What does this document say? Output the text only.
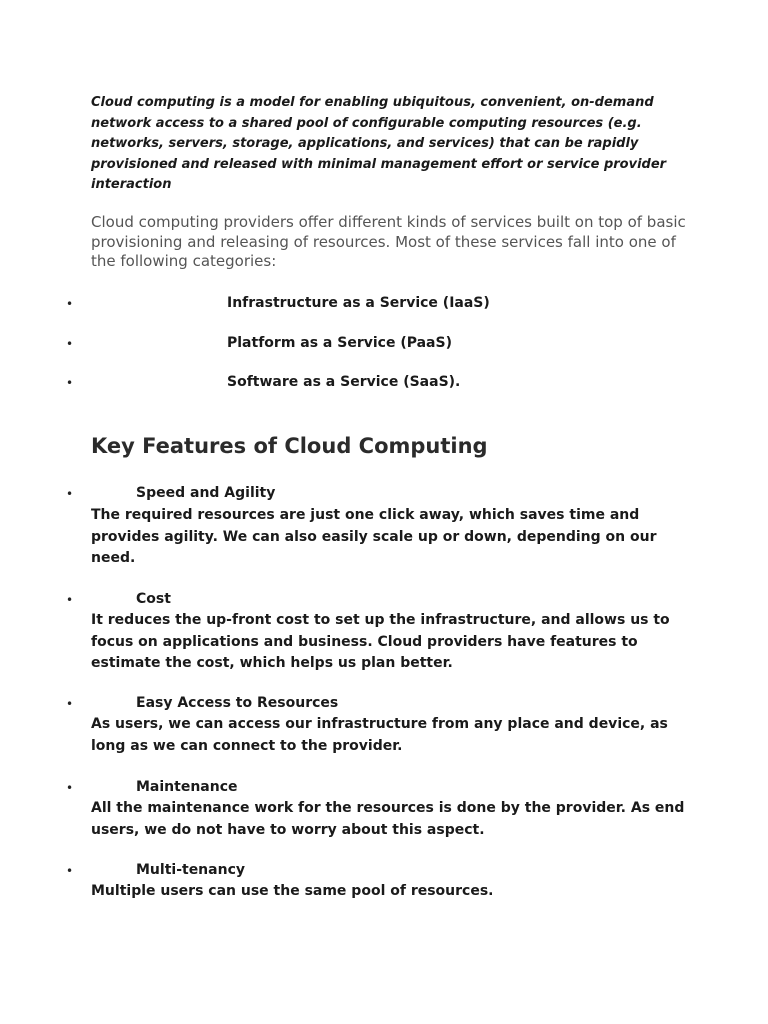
Cloud computing is a model for enabling ubiquitous, convenient, on-demand network access to a shared pool of configurable computing resources (e.g. networks, servers, storage, applications, and services) that can be rapidly provisioned and released with minimal management effort or service provider interaction

Cloud computing providers offer different kinds of services built on top of basic provisioning and releasing of resources. Most of these services fall into one of the following categories:

•	Infrastructure as a Service (IaaS)
•	Platform as a Service (PaaS)
•	Software as a Service (SaaS).
Key Features of Cloud Computing
•	Speed and Agility

The required resources are just one click away, which saves time and provides agility. We can also easily scale up or down, depending on our need.

•	Cost

It reduces the up-front cost to set up the infrastructure, and allows us to focus on applications and business. Cloud providers have features to estimate the cost, which helps us plan better.

•	Easy Access to Resources

As users, we can access our infrastructure from any place and device, as long as we can connect to the provider.

•	Maintenance

All the maintenance work for the resources is done by the provider. As end users, we do not have to worry about this aspect.

•	Multi-tenancy

Multiple users can use the same pool of resources.
